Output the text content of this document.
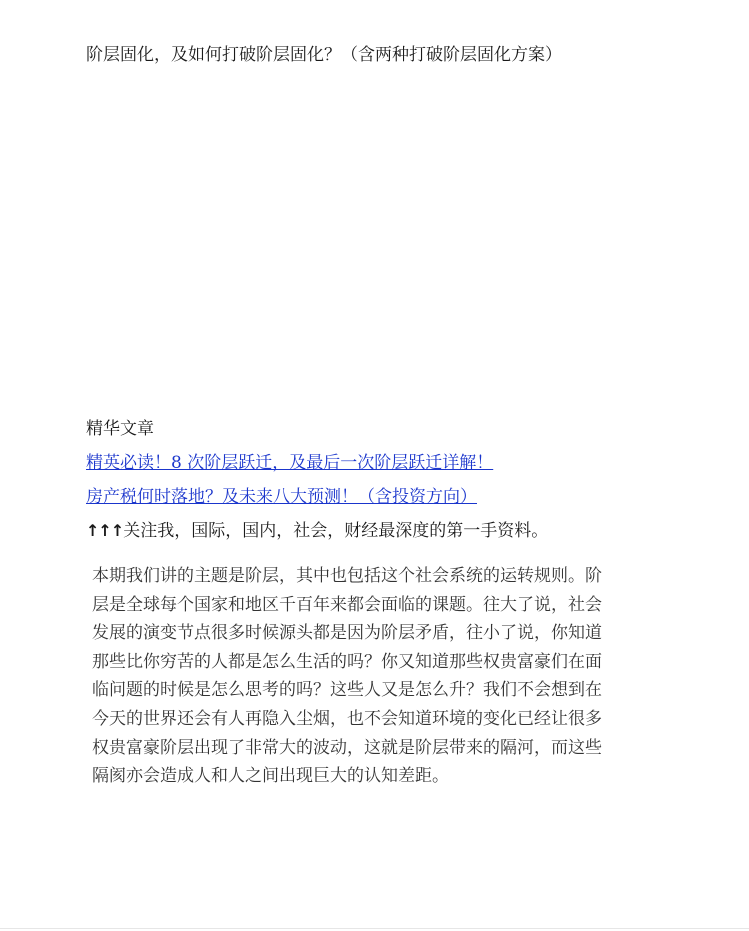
阶层固化，及如何打破阶层固化？（含两种打破阶层固化方案）
精华文章
精英必读！8 次阶层跃迁，及最后一次阶层跃迁详解！
房产税何时落地？及未来八大预测！（含投资方向）
↑↑↑关注我，国际，国内，社会，财经最深度的第一手资料。

本期我们讲的主题是阶层，其中也包括这个社会系统的运转规则。阶层是全球每个国家和地区千百年来都会面临的课题。往大了说，社会发展的演变节点很多时候源头都是因为阶层矛盾，往小了说，你知道那些比你穷苦的人都是怎么生活的吗？你又知道那些权贵富豪们在面临问题的时候是怎么思考的吗？这些人又是怎么升？我们不会想到在今天的世界还会有人再隐入尘烟，也不会知道环境的变化已经让很多权贵富豪阶层出现了非常大的波动，这就是阶层带来的隔河，而这些隔阂亦会造成人和人之间出现巨大的认知差距。
